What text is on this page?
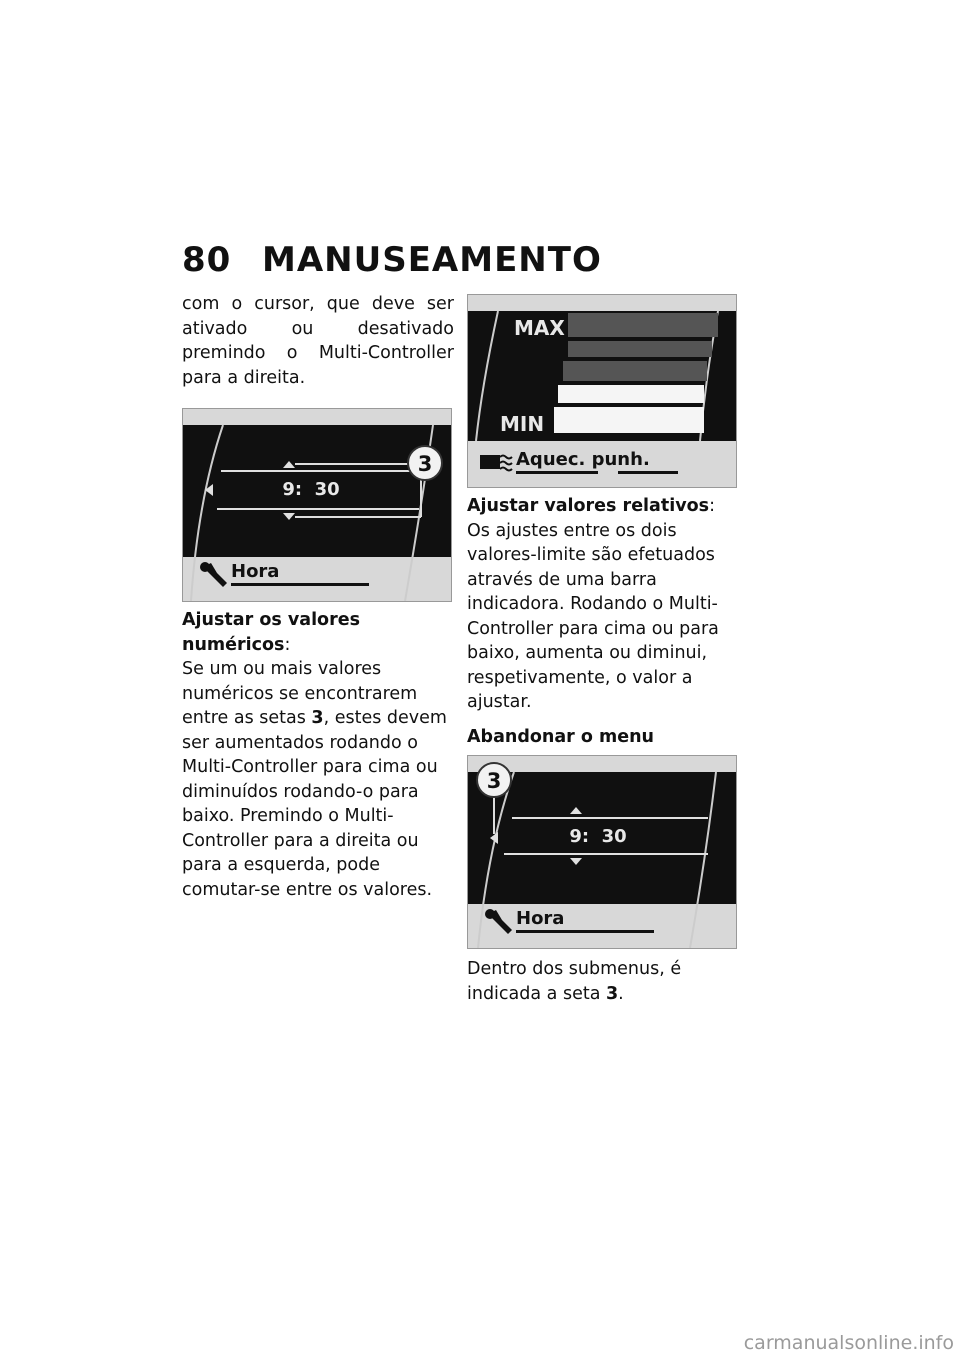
80 MANUSEAMENTO

com o cursor, que deve ser ativado ou desativado premindo o Multi-Controller para a direita.

3
9:  30
Hora

Ajustar os valores numéricos:
Se um ou mais valores numéricos se encontrarem entre as setas 3, estes devem ser aumentados rodando o Multi-Controller para cima ou diminuídos rodando-o para baixo. Premindo o Multi-Controller para a direita ou para a esquerda, pode comutar-se entre os valores.

MAX
MIN
Aquec. punh.

Ajustar valores relativos:
Os ajustes entre os dois valores-limite são efetuados através de uma barra indicadora. Rodando o Multi-Controller para cima ou para baixo, aumenta ou diminui, respetivamente, o valor a ajustar.

Abandonar o menu

3
9:  30
Hora

Dentro dos submenus, é indicada a seta 3.

carmanualsonline.info
